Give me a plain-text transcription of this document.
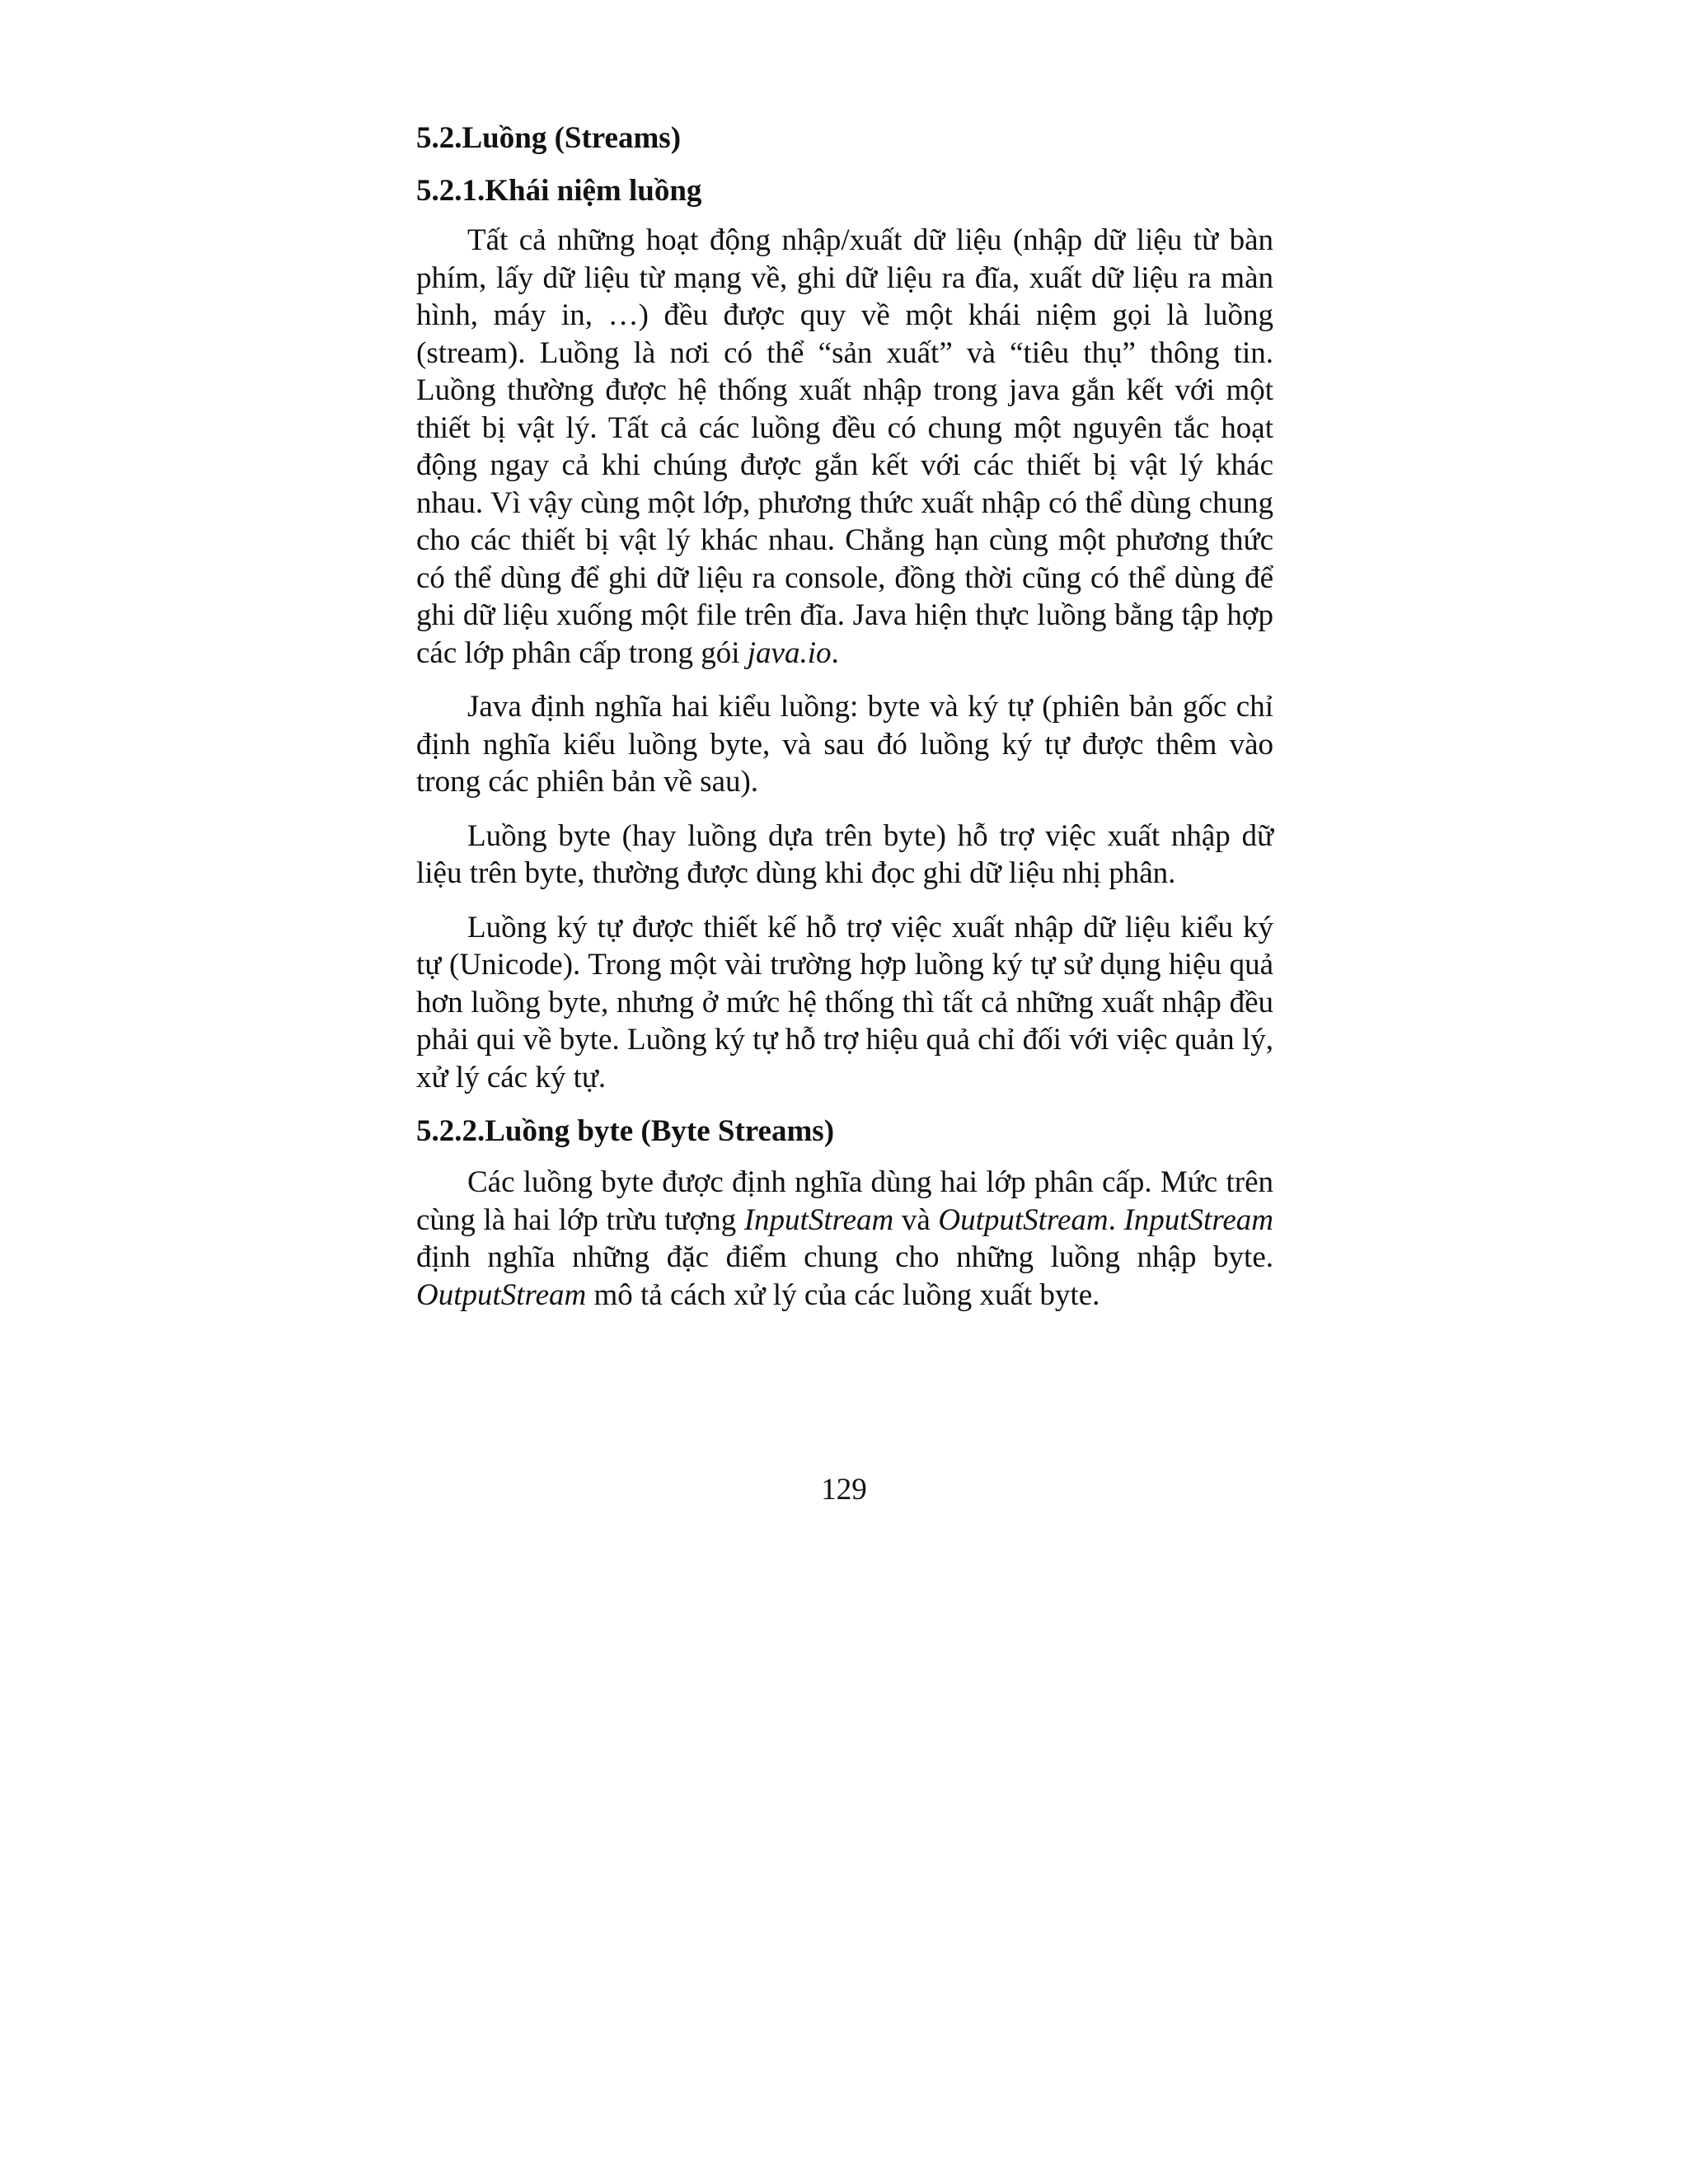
5.2.Luồng (Streams)
5.2.1.Khái niệm luồng

Tất cả những hoạt động nhập/xuất dữ liệu (nhập dữ liệu từ bàn phím, lấy dữ liệu từ mạng về, ghi dữ liệu ra đĩa, xuất dữ liệu ra màn hình, máy in, …) đều được quy về một khái niệm gọi là luồng (stream). Luồng là nơi có thể “sản xuất” và “tiêu thụ” thông tin. Luồng thường được hệ thống xuất nhập trong java gắn kết với một thiết bị vật lý. Tất cả các luồng đều có chung một nguyên tắc hoạt động ngay cả khi chúng được gắn kết với các thiết bị vật lý khác nhau. Vì vậy cùng một lớp, phương thức xuất nhập có thể dùng chung cho các thiết bị vật lý khác nhau. Chẳng hạn cùng một phương thức có thể dùng để ghi dữ liệu ra console, đồng thời cũng có thể dùng để ghi dữ liệu xuống một file trên đĩa. Java hiện thực luồng bằng tập hợp các lớp phân cấp trong gói java.io.

Java định nghĩa hai kiểu luồng: byte và ký tự (phiên bản gốc chỉ định nghĩa kiểu luồng byte, và sau đó luồng ký tự được thêm vào trong các phiên bản về sau).

Luồng byte (hay luồng dựa trên byte) hỗ trợ việc xuất nhập dữ liệu trên byte, thường được dùng khi đọc ghi dữ liệu nhị phân.

Luồng ký tự được thiết kế hỗ trợ việc xuất nhập dữ liệu kiểu ký tự (Unicode). Trong một vài trường hợp luồng ký tự sử dụng hiệu quả hơn luồng byte, nhưng ở mức hệ thống thì tất cả những xuất nhập đều phải qui về byte. Luồng ký tự hỗ trợ hiệu quả chỉ đối với việc quản lý, xử lý các ký tự.

5.2.2.Luồng byte (Byte Streams)

Các luồng byte được định nghĩa dùng hai lớp phân cấp. Mức trên cùng là hai lớp trừu tượng InputStream và OutputStream. InputStream định nghĩa những đặc điểm chung cho những luồng nhập byte. OutputStream mô tả cách xử lý của các luồng xuất byte.

129
